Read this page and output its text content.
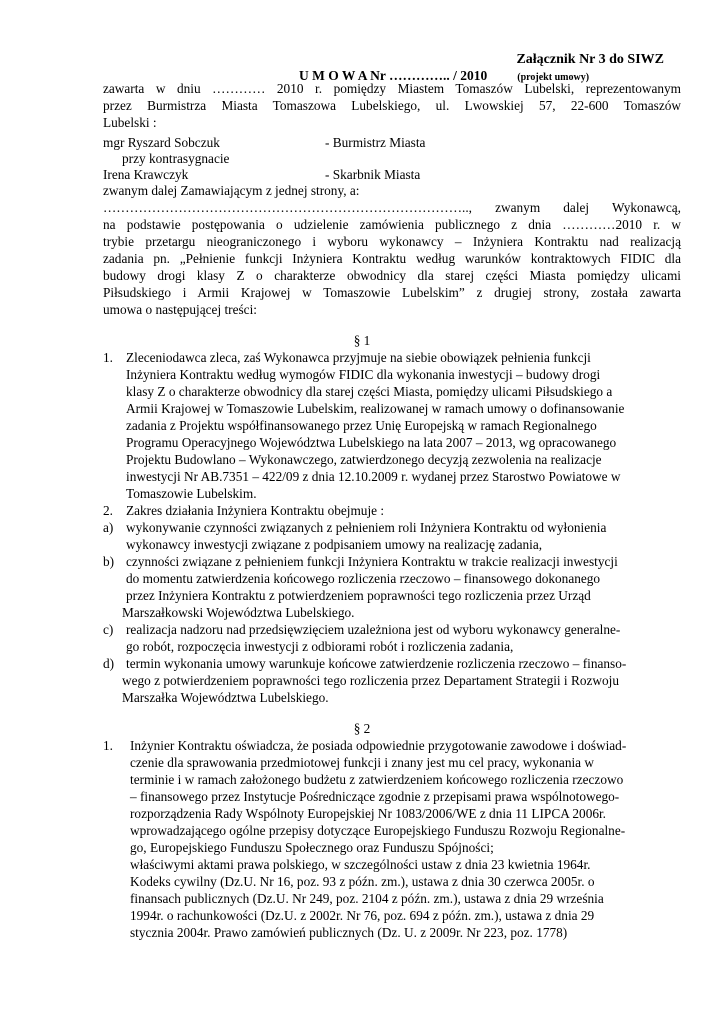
Załącznik Nr 3 do SIWZ
U M O W A Nr ………….. / 2010	(projekt umowy)
zawarta w dniu ………… 2010 r. pomiędzy Miastem Tomaszów Lubelski, reprezentowanym
przez Burmistrza Miasta Tomaszowa Lubelskiego, ul. Lwowskiej 57, 22-600 Tomaszów
Lubelski :
mgr Ryszard Sobczuk	- Burmistrz Miasta
przy kontrasygnacie
Irena Krawczyk	- Skarbnik Miasta
zwanym dalej Zamawiającym z jednej strony, a:
……………………………………………………………………….., zwanym dalej Wykonawcą,
na podstawie postępowania o udzielenie zamówienia publicznego z dnia …………2010 r. w
trybie przetargu nieograniczonego i wyboru wykonawcy – Inżyniera Kontraktu nad realizacją
zadania pn. „Pełnienie funkcji Inżyniera Kontraktu według warunków kontraktowych FIDIC dla
budowy drogi klasy Z o charakterze obwodnicy dla starej części Miasta pomiędzy ulicami
Piłsudskiego i Armii Krajowej w Tomaszowie Lubelskim” z drugiej strony, została zawarta
umowa o następującej treści:
§ 1
1. Zleceniodawca zleca, zaś Wykonawca przyjmuje na siebie obowiązek pełnienia funkcji
Inżyniera Kontraktu według wymogów FIDIC dla wykonania inwestycji – budowy drogi
klasy Z o charakterze obwodnicy dla starej części Miasta, pomiędzy ulicami Piłsudskiego a
Armii Krajowej w Tomaszowie Lubelskim, realizowanej w ramach umowy o dofinansowanie
zadania z Projektu współfinansowanego przez Unię Europejską w ramach Regionalnego
Programu Operacyjnego Województwa Lubelskiego na lata 2007 – 2013, wg opracowanego
Projektu Budowlano – Wykonawczego, zatwierdzonego decyzją zezwolenia na realizacje
inwestycji Nr AB.7351 – 422/09 z dnia 12.10.2009 r. wydanej przez Starostwo Powiatowe w
Tomaszowie Lubelskim.
2. Zakres działania Inżyniera Kontraktu obejmuje :
a) wykonywanie czynności związanych z pełnieniem roli Inżyniera Kontraktu od wyłonienia
wykonawcy inwestycji związane z podpisaniem umowy na realizację zadania,
b) czynności związane z pełnieniem funkcji Inżyniera Kontraktu w trakcie realizacji inwestycji
do momentu zatwierdzenia końcowego rozliczenia rzeczowo – finansowego dokonanego
przez Inżyniera Kontraktu z potwierdzeniem poprawności tego rozliczenia przez Urząd
Marszałkowski Województwa Lubelskiego.
c) realizacja nadzoru nad przedsięwzięciem uzależniona jest od wyboru wykonawcy generalne-
go robót, rozpoczęcia inwestycji z odbiorami robót i rozliczenia zadania,
d) termin wykonania umowy warunkuje końcowe zatwierdzenie rozliczenia rzeczowo – finanso-
wego z potwierdzeniem poprawności tego rozliczenia przez Departament Strategii i Rozwoju
Marszałka Województwa Lubelskiego.
§ 2
1. Inżynier Kontraktu oświadcza, że posiada odpowiednie przygotowanie zawodowe i doświad-
czenie dla sprawowania przedmiotowej funkcji i znany jest mu cel pracy, wykonania w
terminie i w ramach założonego budżetu z zatwierdzeniem końcowego rozliczenia rzeczowo
– finansowego przez Instytucje Pośredniczące zgodnie z przepisami prawa wspólnotowego-
rozporządzenia Rady Wspólnoty Europejskiej Nr 1083/2006/WE z dnia 11 LIPCA 2006r.
wprowadzającego ogólne przepisy dotyczące Europejskiego Funduszu Rozwoju Regionalne-
go, Europejskiego Funduszu Społecznego oraz Funduszu Spójności;
właściwymi aktami prawa polskiego, w szczególności ustaw z dnia 23 kwietnia 1964r.
Kodeks cywilny (Dz.U. Nr 16, poz. 93 z późn. zm.), ustawa z dnia 30 czerwca 2005r. o
finansach publicznych (Dz.U. Nr 249, poz. 2104 z późn. zm.), ustawa z dnia 29 września
1994r. o rachunkowości (Dz.U. z 2002r. Nr 76, poz. 694 z późn. zm.), ustawa z dnia 29
stycznia 2004r. Prawo zamówień publicznych (Dz. U. z 2009r. Nr 223, poz. 1778)
